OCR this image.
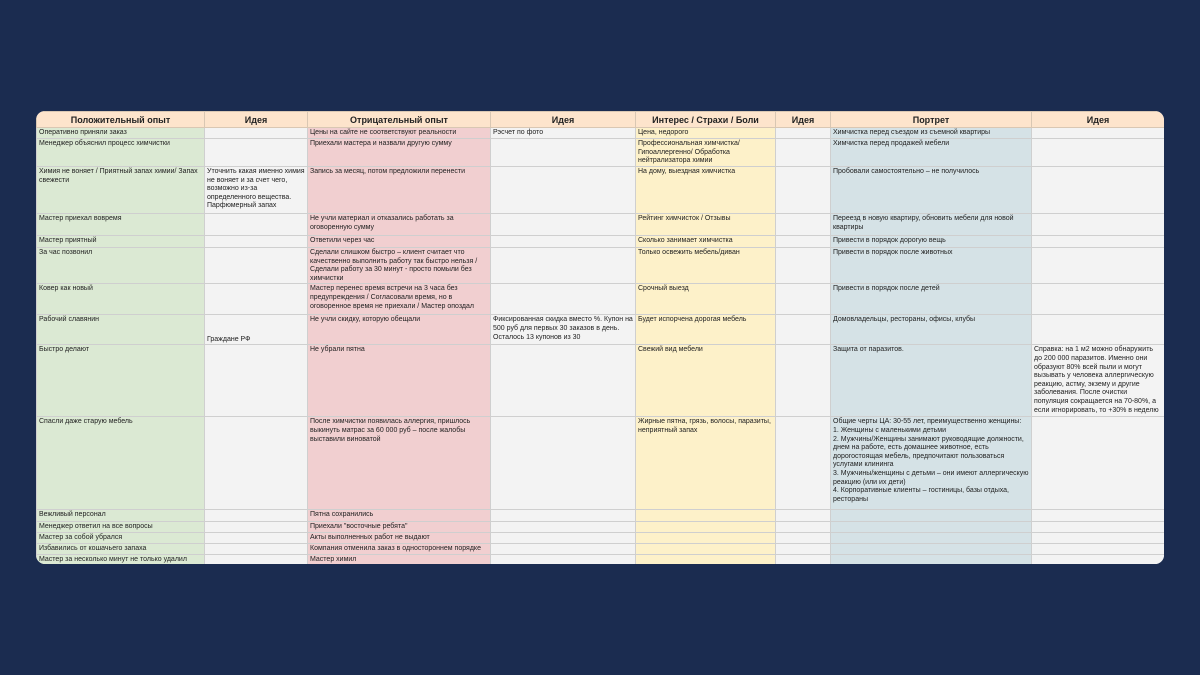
Положительный опыт	Идея	Отрицательный опыт	Идея	Интерес / Страхи / Боли	Идея	Портрет	Идея
Оперативно приняли заказ		Цены на сайте не соответствуют реальности	Рэсчет по фото	Цена, недорого		Химчистка перед съездом из съемной квартиры	
Менеджер объяснил процесс химчистки		Приехали мастера и назвали другую сумму		Профессиональная химчистка/ Гипоаллергенно/ Обработка нейтрализатора химии		Химчистка перед продажей мебели	
Химия не воняет / Приятный запах химии/ Запах свежести	Уточнить какая именно химия не воняет и за счет чего, возможно из-за определенного вещества. Парфюмерный запах	Запись за месяц, потом предложили перенести		На дому, выездная химчистка		Пробовали самостоятельно – не получилось	
Мастер приехал вовремя		Не учли материал и отказались работать за оговоренную сумму		Рейтинг химчисток / Отзывы		Переезд в новую квартиру, обновить мебели для новой квартиры	
Мастер приятный		Ответили через час		Сколько занимает химчистка		Привести в порядок дорогую вещь	
За час позвонил		Сделали слишком быстро – клиент считает что качественно выполнить работу так быстро нельзя / Сделали работу за 30 минут - просто помыли без химчистки		Только освежить мебель/диван		Привести в порядок после животных	
Ковер как новый		Мастер перенес время встречи на 3 часа без предупреждения / Согласовали время, но в оговоренное время не приехали / Мастер опоздал		Срочный выезд		Привести в порядок после детей	
Рабочий славянин	Граждане РФ	Не учли скидку, которую обещали	Фиксированная скидка вместо %. Купон на 500 руб для первых 30 заказов в день. Осталось 13 купонов из 30	Будет испорчена дорогая мебель		Домовладельцы, рестораны, офисы, клубы	
Быстро делают		Не убрали пятна		Свежий вид мебели		Защита от паразитов.	Справка: на 1 м2 можно обнаружить до 200 000 паразитов. Именно они образуют 80% всей пыли и могут вызывать у человека аллергическую реакцию, астму, экзему и другие заболевания. После очистки популяция сокращается на 70-80%, а если игнорировать, то +30% в неделю
Спасли даже старую мебель		После химчистки появилась аллергия, пришлось выкинуть матрас за 60 000 руб – после жалобы выставили виноватой		Жирные пятна, грязь, волосы, паразиты, неприятный запах		Общие черты ЦА: 30-55 лет, преимущественно женщины:
1. Женщины с маленькими детьми
2. Мужчины/Женщины занимают руководящие должности, днем на работе, есть домашнее животное, есть дорогостоящая мебель, предпочитают пользоваться услугами клининга
3. Мужчины/женщины с детьми – они имеют аллергическую реакцию (или их дети)
4. Корпоративные клиенты – гостиницы, базы отдыха, рестораны	
Вежливый персонал		Пятна сохранились					
Менеджер ответил на все вопросы		Приехали "восточные ребята"					
Мастер за собой убрался		Акты выполненных работ не выдают					
Избавились от кошачьего запаха		Компания отменила заказ в одностороннем порядке					
Мастер за несколько минут не только удалил		Мастер химил					
